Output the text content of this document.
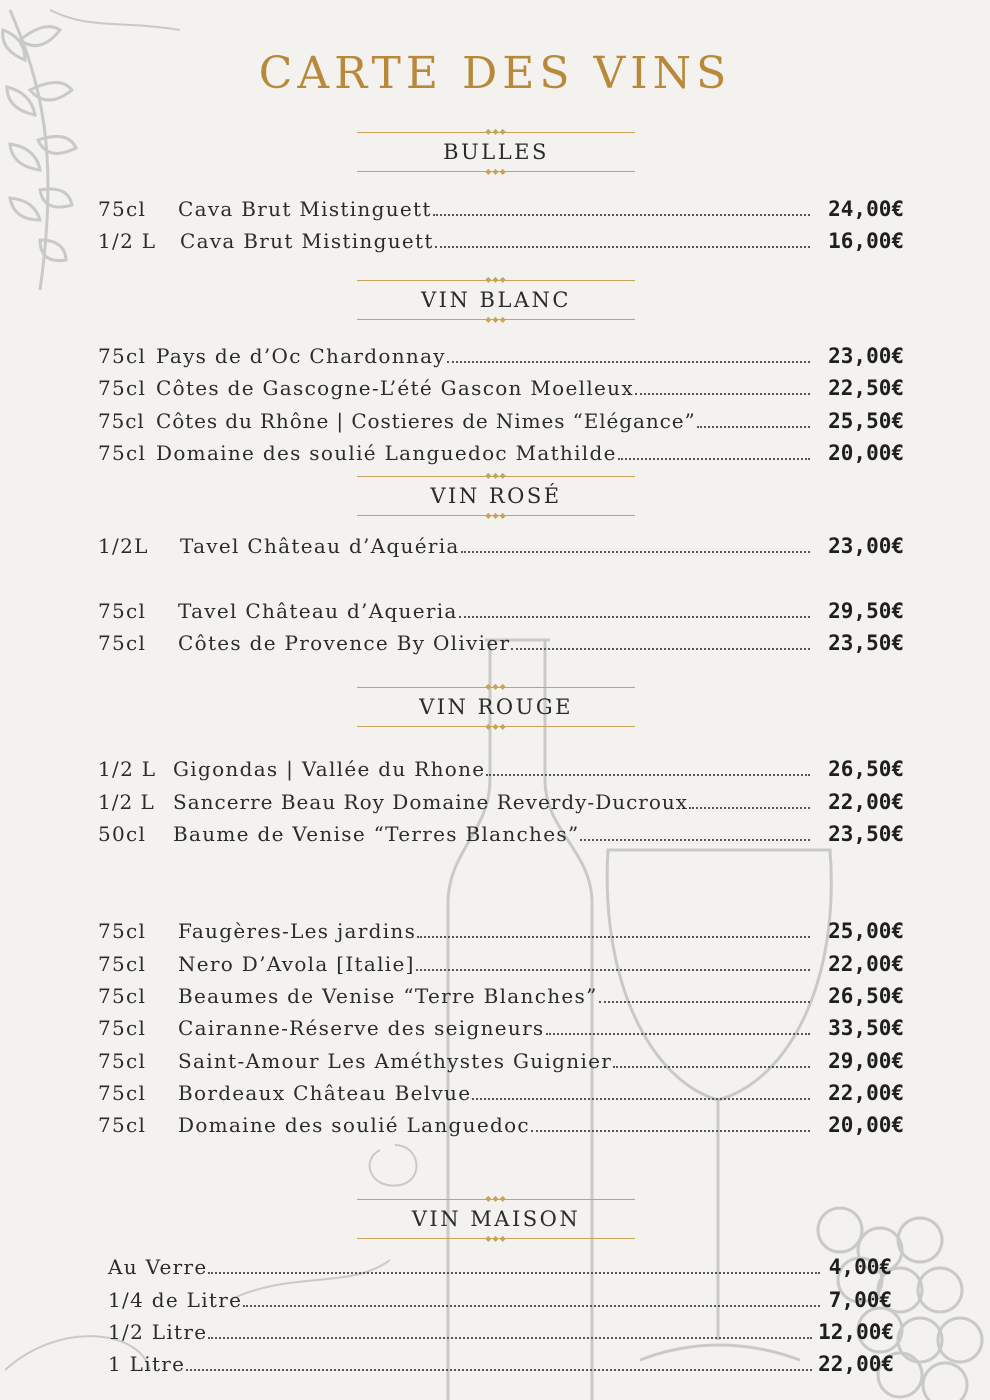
CARTE DES VINS
◆◆◆
BULLES
◆◆◆
75cl	Cava Brut Mistinguett	24,00€
1/2 L	Cava Brut Mistinguett	16,00€
◆◆◆
VIN BLANC
◆◆◆
75cl Pays de d’Oc Chardonnay	23,00€
75cl Côtes de Gascogne-L’été Gascon Moelleux	22,50€
75cl Côtes du Rhône | Costieres de Nimes “Elégance”	25,50€
75cl Domaine des soulié Languedoc Mathilde	20,00€
◆◆◆
VIN ROSÉ
◆◆◆
1/2L	Tavel Château d’Aquéria	23,00€
75cl	Tavel Château d’Aqueria	29,50€
75cl	Côtes de Provence By Olivier	23,50€
◆◆◆
VIN ROUGE
◆◆◆
1/2 L Gigondas | Vallée du Rhone	26,50€
1/2 L Sancerre Beau Roy Domaine Reverdy-Ducroux	22,00€
50cl	Baume de Venise “Terres Blanches”	23,50€
75cl	Faugères-Les jardins	25,00€
75cl	Nero D’Avola [Italie]	22,00€
75cl	Beaumes de Venise “Terre Blanches”	26,50€
75cl	Cairanne-Réserve des seigneurs	33,50€
75cl	Saint-Amour Les Améthystes Guignier	29,00€
75cl	Bordeaux Château Belvue	22,00€
75cl	Domaine des soulié Languedoc	20,00€
◆◆◆
VIN MAISON
◆◆◆
Au Verre	4,00€
1/4 de Litre	7,00€
1/2 Litre	12,00€
1 Litre	22,00€
